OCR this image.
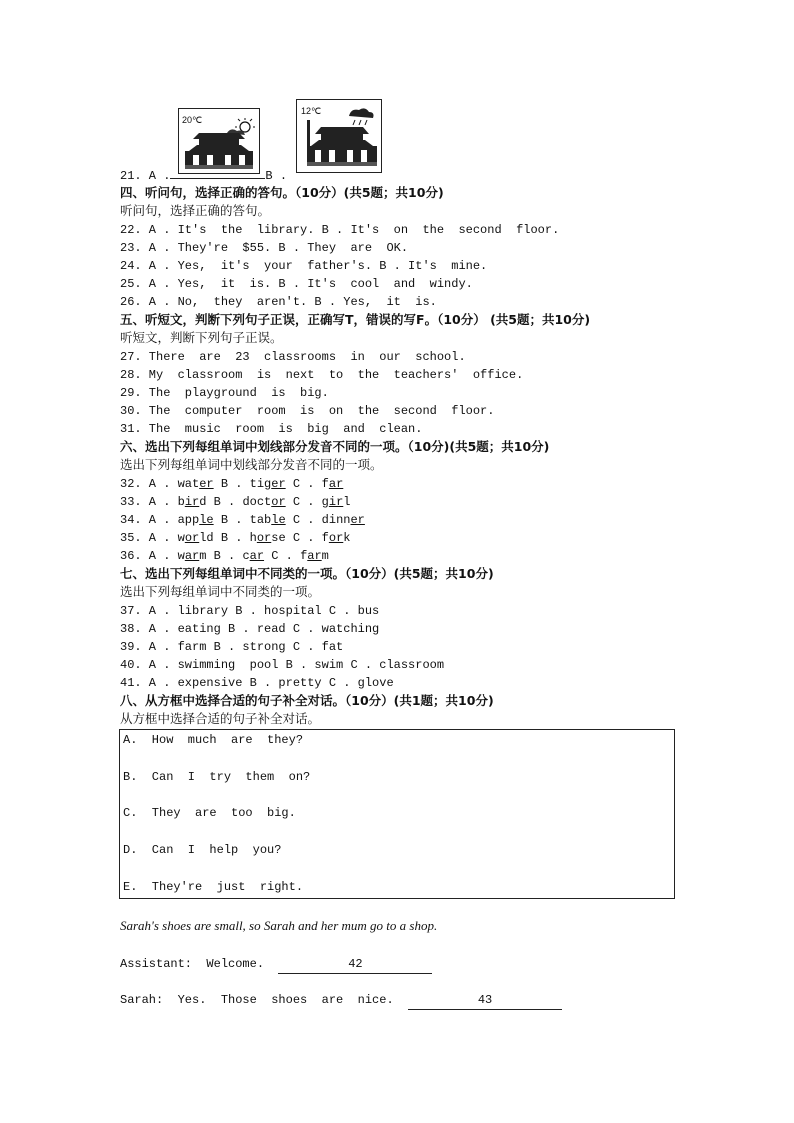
20℃
12℃
21. A .	B .
四、听问句，选择正确的答句。（10分）(共5题；共10分)
听问句，选择正确的答句。
22. A . It's  the  library. B . It's  on  the  second  floor.
23. A . They're  $55. B . They  are  OK.
24. A . Yes,  it's  your  father's. B . It's  mine.
25. A . Yes,  it  is. B . It's  cool  and  windy.
26. A . No,  they  aren't. B . Yes,  it  is.
五、听短文，判断下列句子正误，正确写T，错误的写F。（10分） (共5题；共10分)
听短文，判断下列句子正误。
27. There  are  23  classrooms  in  our  school.
28. My  classroom  is  next  to  the  teachers'  office.
29. The  playground  is  big.
30. The  computer  room  is  on  the  second  floor.
31. The  music  room  is  big  and  clean.
六、选出下列每组单词中划线部分发音不同的一项。（10分)(共5题；共10分)
选出下列每组单词中划线部分发音不同的一项。
32. A . water B . tiger C . far
33. A . bird B . doctor C . girl
34. A . apple B . table C . dinner
35. A . world B . horse C . fork
36. A . warm B . car C . farm
七、选出下列每组单词中不同类的一项。（10分）(共5题；共10分)
选出下列每组单词中不同类的一项。
37. A . library B . hospital C . bus
38. A . eating B . read C . watching
39. A . farm B . strong C . fat
40. A . swimming  pool B . swim C . classroom
41. A . expensive B . pretty C . glove
八、从方框中选择合适的句子补全对话。（10分）(共1题；共10分)
从方框中选择合适的句子补全对话。
A.  How  much  are  they?
B.  Can  I  try  them  on?
C.  They  are  too  big.
D.  Can  I  help  you?
E.  They're  just  right.
Sarah's shoes are small, so Sarah and her mum go to a shop.
Assistant:  Welcome.	42
Sarah:  Yes.  Those  shoes  are  nice.	43
